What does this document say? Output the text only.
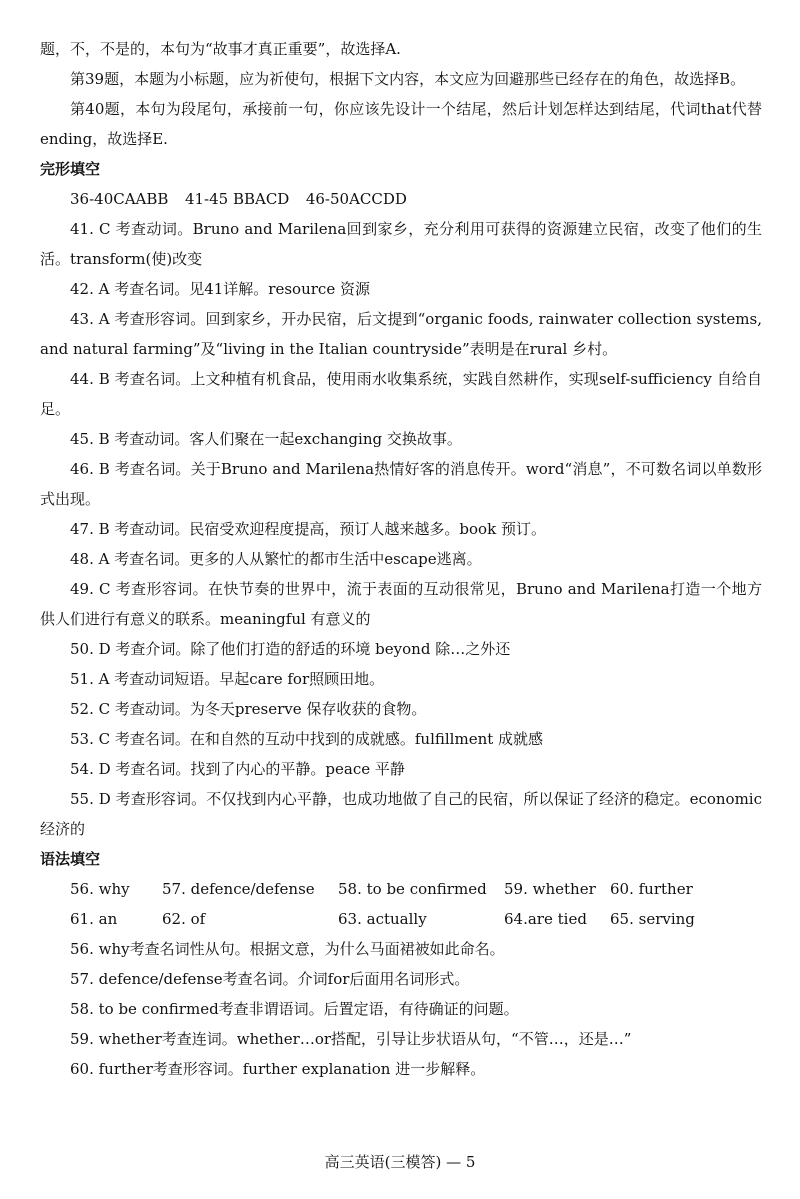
题，不，不是的，本句为“故事才真正重要”，故选择A.

第39题，本题为小标题，应为祈使句，根据下文内容，本文应为回避那些已经存在的角色，故选择B。

第40题，本句为段尾句，承接前一句，你应该先设计一个结尾，然后计划怎样达到结尾，代词that代替ending，故选择E.

完形填空

36-40CAABB 41-45 BBACD 46-50ACCDD

41. C 考查动词。Bruno and Marilena回到家乡，充分利用可获得的资源建立民宿，改变了他们的生活。transform(使)改变

42. A 考查名词。见41详解。resource 资源

43. A 考查形容词。回到家乡，开办民宿，后文提到“organic foods, rainwater collection systems, and natural farming”及“living in the Italian countryside”表明是在rural 乡村。

44. B 考查名词。上文种植有机食品，使用雨水收集系统，实践自然耕作，实现self-sufficiency 自给自足。

45. B 考查动词。客人们聚在一起exchanging 交换故事。

46. B 考查名词。关于Bruno and Marilena热情好客的消息传开。word“消息”，不可数名词以单数形式出现。

47. B 考查动词。民宿受欢迎程度提高，预订人越来越多。book 预订。

48. A 考查名词。更多的人从繁忙的都市生活中escape逃离。

49. C 考查形容词。在快节奏的世界中，流于表面的互动很常见，Bruno and Marilena打造一个地方供人们进行有意义的联系。meaningful 有意义的

50. D 考查介词。除了他们打造的舒适的环境 beyond 除…之外还

51. A 考查动词短语。早起care for照顾田地。

52. C 考查动词。为冬天preserve 保存收获的食物。

53. C 考查名词。在和自然的互动中找到的成就感。fulfillment 成就感

54. D 考查名词。找到了内心的平静。peace 平静

55. D 考查形容词。不仅找到内心平静，也成功地做了自己的民宿，所以保证了经济的稳定。economic经济的

语法填空
56. why	57. defence/defense	58. to be confirmed	59. whether 60. further
61. an	62. of	63. actually	64.are tied	65. serving

56. why考查名词性从句。根据文意，为什么马面裙被如此命名。

57. defence/defense考查名词。介词for后面用名词形式。

58. to be confirmed考查非谓语词。后置定语，有待确证的问题。

59. whether考查连词。whether…or搭配，引导让步状语从句，“不管…，还是…”

60. further考查形容词。further explanation 进一步解释。

高三英语(三模答) — 5
